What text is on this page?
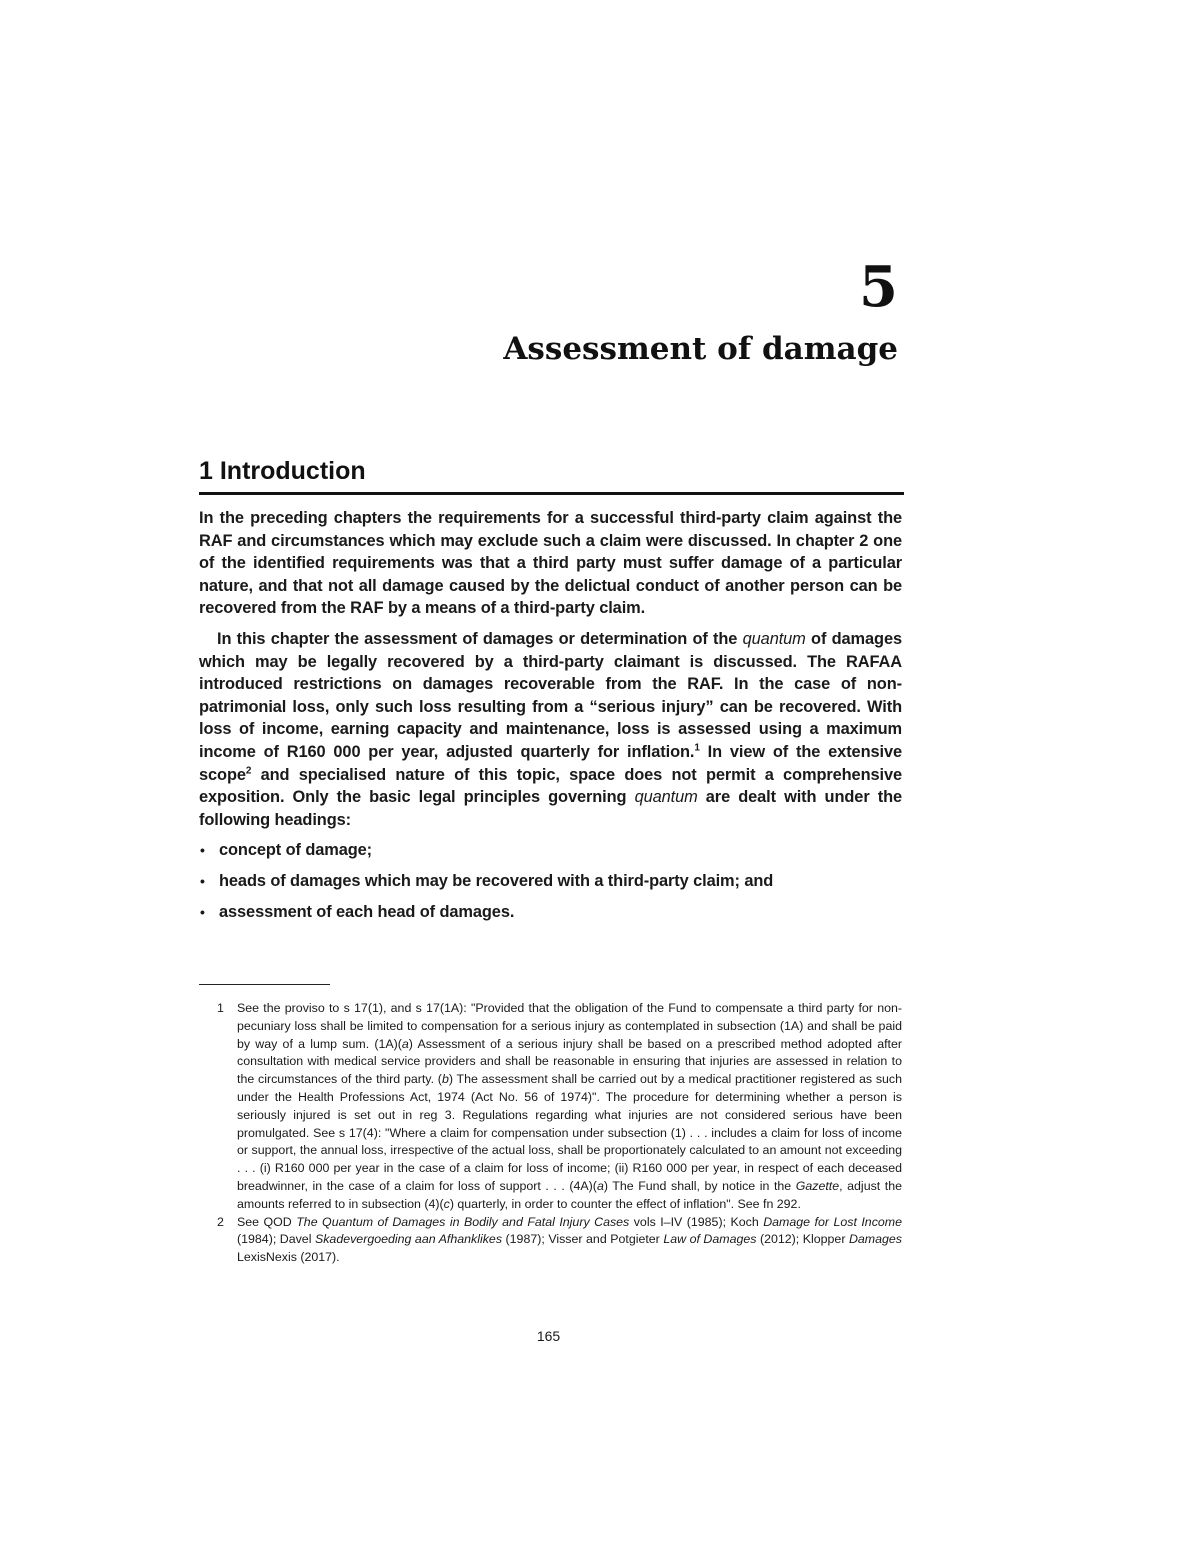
5
Assessment of damage
1 Introduction

In the preceding chapters the requirements for a successful third-party claim against the RAF and circumstances which may exclude such a claim were discussed. In chapter 2 one of the identified requirements was that a third party must suffer damage of a particular nature, and that not all damage caused by the delictual conduct of another person can be recovered from the RAF by a means of a third-party claim.

In this chapter the assessment of damages or determination of the quantum of damages which may be legally recovered by a third-party claimant is discussed. The RAFAA introduced restrictions on damages recoverable from the RAF. In the case of non-patrimonial loss, only such loss resulting from a “serious injury” can be recovered. With loss of income, earning capacity and maintenance, loss is assessed using a maximum income of R160 000 per year, adjusted quarterly for inflation.$^1$ In view of the extensive scope$^2$ and specialised nature of this topic, space does not permit a comprehensive exposition. Only the basic legal principles governing quantum are dealt with under the following headings:

• concept of damage;
• heads of damages which may be recovered with a third-party claim; and
• assessment of each head of damages.

1 See the proviso to s 17(1), and s 17(1A): "Provided that the obligation of the Fund to compensate a third party for non-pecuniary loss shall be limited to compensation for a serious injury as contemplated in subsection (1A) and shall be paid by way of a lump sum. (1A)(a) Assessment of a serious injury shall be based on a prescribed method adopted after consultation with medical service providers and shall be reasonable in ensuring that injuries are assessed in relation to the circumstances of the third party. (b) The assessment shall be carried out by a medical practitioner registered as such under the Health Professions Act, 1974 (Act No. 56 of 1974)". The procedure for determining whether a person is seriously injured is set out in reg 3. Regulations regarding what injuries are not considered serious have been promulgated. See s 17(4): "Where a claim for compensation under subsection (1) . . . includes a claim for loss of income or support, the annual loss, irrespective of the actual loss, shall be proportionately calculated to an amount not exceeding . . . (i) R160 000 per year in the case of a claim for loss of income; (ii) R160 000 per year, in respect of each deceased breadwinner, in the case of a claim for loss of support . . . (4A)(a) The Fund shall, by notice in the Gazette, adjust the amounts referred to in subsection (4)(c) quarterly, in order to counter the effect of inflation". See fn 292.

2 See QOD The Quantum of Damages in Bodily and Fatal Injury Cases vols I–IV (1985); Koch Damage for Lost Income (1984); Davel Skadevergoeding aan Afhanklikes (1987); Visser and Potgieter Law of Damages (2012); Klopper Damages LexisNexis (2017).

165
